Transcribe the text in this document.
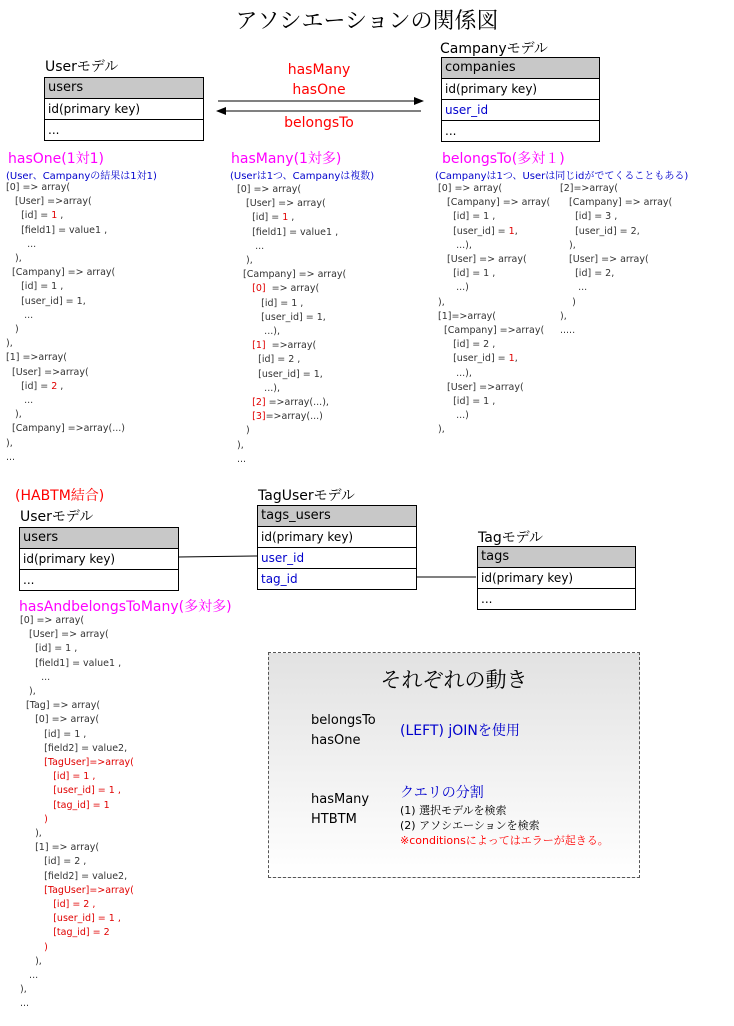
アソシエーションの関係図
Userモデル
Campanyモデル
users
id(primary key)
...
companies
id(primary key)
user_id
...
hasMany
hasOne
belongsTo
hasOne(1対1)
(User、Campanyの結果は1対1)
[0] => array(
[User] =>array(
[id] = 1 ,
[field1] = value1 ,
...
),
[Campany] => array(
[id] = 1 ,
[user_id] = 1,
...
)
),
[1] =>array(
[User] =>array(
[id] = 2 ,
...
),
[Campany] =>array(...)
),
...
hasMany(1対多)
(Userは1つ、Campanyは複数)
[0] => array(
[User] => array(
[id] = 1 ,
[field1] = value1 ,
...
),
[Campany] => array(
[0]  => array(
[id] = 1 ,
[user_id] = 1,
...),
[1]  =>array(
[id] = 2 ,
[user_id] = 1,
...),
[2] =>array(...),
[3]=>array(...)
)
),
...
belongsTo(多対１)
(Campanyは1つ、Userは同じidがでてくることもある)
[0] => array(
[Campany] => array(
[id] = 1 ,
[user_id] = 1,
...),
[User] => array(
[id] = 1 ,
...)
),
[1]=>array(
[Campany] =>array(
[id] = 2 ,
[user_id] = 1,
...),
[User] =>array(
[id] = 1 ,
...)
),
[2]=>array(
[Campany] => array(
[id] = 3 ,
[user_id] = 2,
),
[User] => array(
[id] = 2,
...
)
),
.....
(HABTM結合)
Userモデル
TagUserモデル
Tagモデル
users
id(primary key)
...
tags_users
id(primary key)
user_id
tag_id
tags
id(primary key)
...
hasAndbelongsToMany(多対多)
[0] => array(
[User] => array(
[id] = 1 ,
[field1] = value1 ,
...
),
[Tag] => array(
[0] => array(
[id] = 1 ,
[field2] = value2,
[TagUser]=>array(
[id] = 1 ,
[user_id] = 1 ,
[tag_id] = 1
)
),
[1] => array(
[id] = 2 ,
[field2] = value2,
[TagUser]=>array(
[id] = 2 ,
[user_id] = 1 ,
[tag_id] = 2
)
),
...
),
...
それぞれの動き
belongsTo
hasOne
(LEFT) jOINを使用
hasMany
HTBTM
クエリの分割
(1) 選択モデルを検索
(2) アソシエーションを検索
※conditionsによってはエラーが起きる。
